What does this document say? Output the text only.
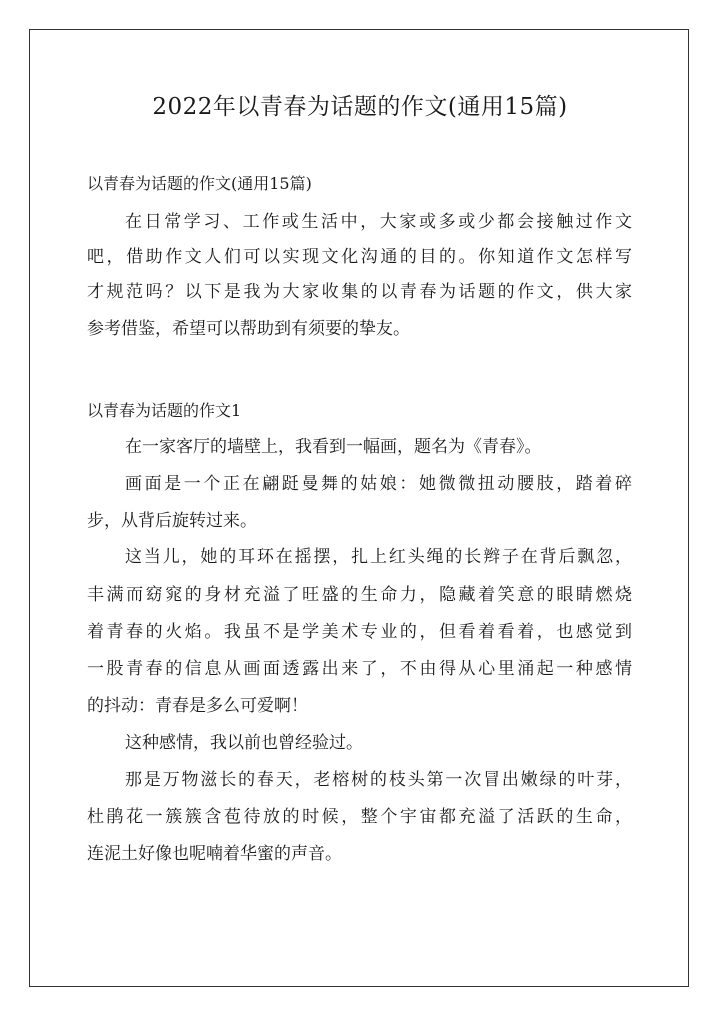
2022年以青春为话题的作文(通用15篇)
以青春为话题的作文(通用15篇)
在日常学习、工作或生活中，大家或多或少都会接触过作文
吧，借助作文人们可以实现文化沟通的目的。你知道作文怎样写
才规范吗？以下是我为大家收集的以青春为话题的作文，供大家
参考借鉴，希望可以帮助到有须要的挚友。
以青春为话题的作文1
在一家客厅的墙壁上，我看到一幅画，题名为《青春》。
画面是一个正在翩跹曼舞的姑娘：她微微扭动腰肢，踏着碎
步，从背后旋转过来。
这当儿，她的耳环在摇摆，扎上红头绳的长辫子在背后飘忽，
丰满而窈窕的身材充溢了旺盛的生命力，隐藏着笑意的眼睛燃烧
着青春的火焰。我虽不是学美术专业的，但看着看着，也感觉到
一股青春的信息从画面透露出来了，不由得从心里涌起一种感情
的抖动：青春是多么可爱啊！
这种感情，我以前也曾经验过。
那是万物滋长的春天，老榕树的枝头第一次冒出嫩绿的叶芽，
杜鹃花一簇簇含苞待放的时候，整个宇宙都充溢了活跃的生命，
连泥土好像也呢喃着华蜜的声音。
